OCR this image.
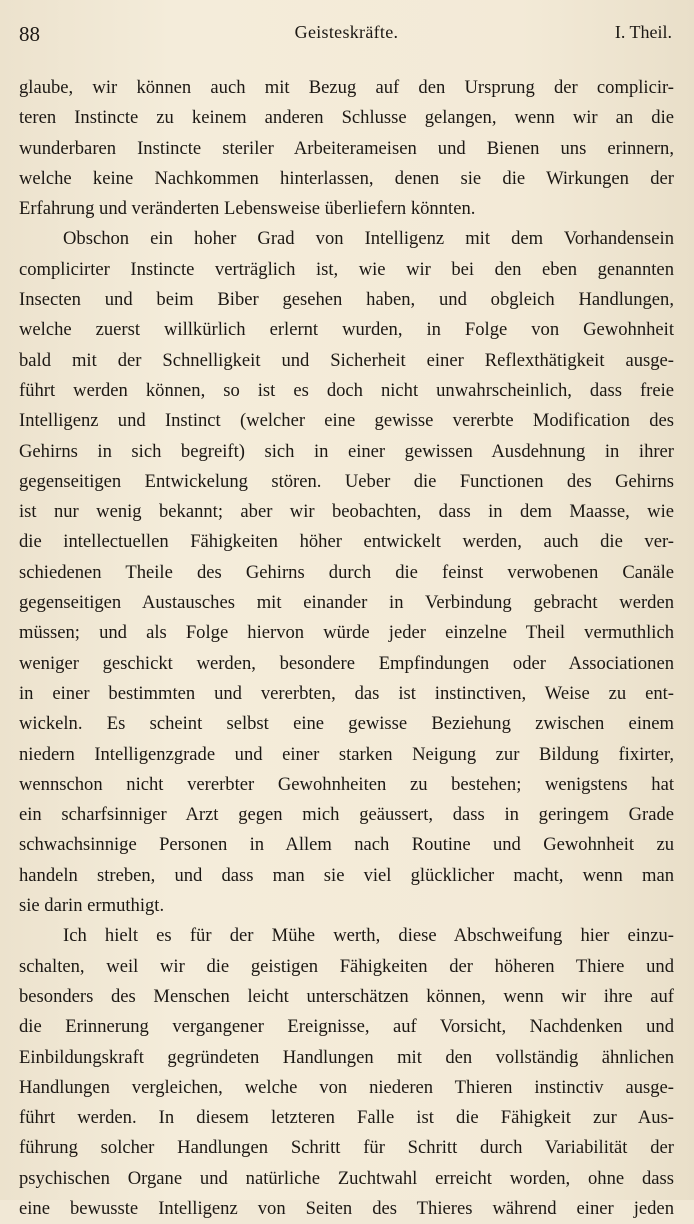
88	Geisteskräfte.	I. Theil.
glaube, wir können auch mit Bezug auf den Ursprung der complicir-
teren Instincte zu keinem anderen Schlusse gelangen, wenn wir an die
wunderbaren Instincte steriler Arbeiterameisen und Bienen uns erinnern,
welche keine Nachkommen hinterlassen, denen sie die Wirkungen der
Erfahrung und veränderten Lebensweise überliefern könnten.
Obschon ein hoher Grad von Intelligenz mit dem Vorhandensein
complicirter Instincte verträglich ist, wie wir bei den eben genannten
Insecten und beim Biber gesehen haben, und obgleich Handlungen,
welche zuerst willkürlich erlernt wurden, in Folge von Gewohnheit
bald mit der Schnelligkeit und Sicherheit einer Reflexthätigkeit ausge-
führt werden können, so ist es doch nicht unwahrscheinlich, dass freie
Intelligenz und Instinct (welcher eine gewisse vererbte Modification des
Gehirns in sich begreift) sich in einer gewissen Ausdehnung in ihrer
gegenseitigen Entwickelung stören. Ueber die Functionen des Gehirns
ist nur wenig bekannt; aber wir beobachten, dass in dem Maasse, wie
die intellectuellen Fähigkeiten höher entwickelt werden, auch die ver-
schiedenen Theile des Gehirns durch die feinst verwobenen Canäle
gegenseitigen Austausches mit einander in Verbindung gebracht werden
müssen; und als Folge hiervon würde jeder einzelne Theil vermuthlich
weniger geschickt werden, besondere Empfindungen oder Associationen
in einer bestimmten und vererbten, das ist instinctiven, Weise zu ent-
wickeln. Es scheint selbst eine gewisse Beziehung zwischen einem
niedern Intelligenzgrade und einer starken Neigung zur Bildung fixirter,
wennschon nicht vererbter Gewohnheiten zu bestehen; wenigstens hat
ein scharfsinniger Arzt gegen mich geäussert, dass in geringem Grade
schwachsinnige Personen in Allem nach Routine und Gewohnheit zu
handeln streben, und dass man sie viel glücklicher macht, wenn man
sie darin ermuthigt.
Ich hielt es für der Mühe werth, diese Abschweifung hier einzu-
schalten, weil wir die geistigen Fähigkeiten der höheren Thiere und
besonders des Menschen leicht unterschätzen können, wenn wir ihre auf
die Erinnerung vergangener Ereignisse, auf Vorsicht, Nachdenken und
Einbildungskraft gegründeten Handlungen mit den vollständig ähnlichen
Handlungen vergleichen, welche von niederen Thieren instinctiv ausge-
führt werden. In diesem letzteren Falle ist die Fähigkeit zur Aus-
führung solcher Handlungen Schritt für Schritt durch Variabilität der
psychischen Organe und natürliche Zuchtwahl erreicht worden, ohne dass
eine bewusste Intelligenz von Seiten des Thieres während einer jeden
